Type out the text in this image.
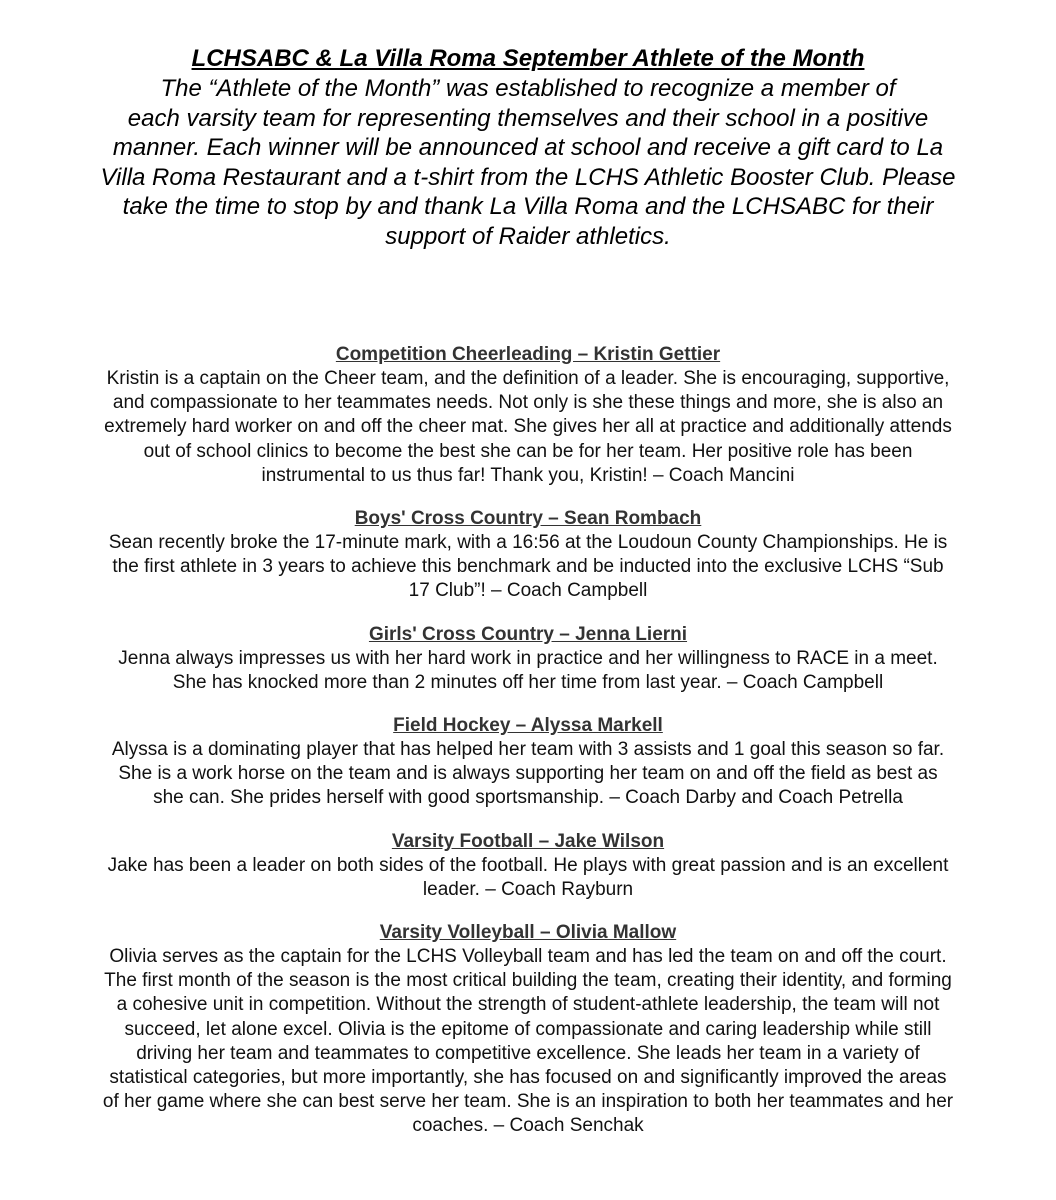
LCHSABC & La Villa Roma September Athlete of the Month

The “Athlete of the Month” was established to recognize a member of
each varsity team for representing themselves and their school in a positive
manner. Each winner will be announced at school and receive a gift card to La
Villa Roma Restaurant and a t-shirt from the LCHS Athletic Booster Club. Please
take the time to stop by and thank La Villa Roma and the LCHSABC for their
support of Raider athletics.

Competition Cheerleading – Kristin Gettier
Kristin is a captain on the Cheer team, and the definition of a leader. She is encouraging, supportive,
and compassionate to her teammates needs. Not only is she these things and more, she is also an
extremely hard worker on and off the cheer mat. She gives her all at practice and additionally attends
out of school clinics to become the best she can be for her team. Her positive role has been
instrumental to us thus far! Thank you, Kristin! – Coach Mancini
Boys' Cross Country – Sean Rombach
Sean recently broke the 17-minute mark, with a 16:56 at the Loudoun County Championships. He is
the first athlete in 3 years to achieve this benchmark and be inducted into the exclusive LCHS “Sub
17 Club”! – Coach Campbell
Girls' Cross Country – Jenna Lierni
Jenna always impresses us with her hard work in practice and her willingness to RACE in a meet.
She has knocked more than 2 minutes off her time from last year. – Coach Campbell
Field Hockey – Alyssa Markell
Alyssa is a dominating player that has helped her team with 3 assists and 1 goal this season so far.
She is a work horse on the team and is always supporting her team on and off the field as best as
she can. She prides herself with good sportsmanship. – Coach Darby and Coach Petrella
Varsity Football – Jake Wilson
Jake has been a leader on both sides of the football. He plays with great passion and is an excellent
leader. – Coach Rayburn
Varsity Volleyball – Olivia Mallow
Olivia serves as the captain for the LCHS Volleyball team and has led the team on and off the court.
The first month of the season is the most critical building the team, creating their identity, and forming
a cohesive unit in competition. Without the strength of student-athlete leadership, the team will not
succeed, let alone excel. Olivia is the epitome of compassionate and caring leadership while still
driving her team and teammates to competitive excellence. She leads her team in a variety of
statistical categories, but more importantly, she has focused on and significantly improved the areas
of her game where she can best serve her team. She is an inspiration to both her teammates and her
coaches. – Coach Senchak
